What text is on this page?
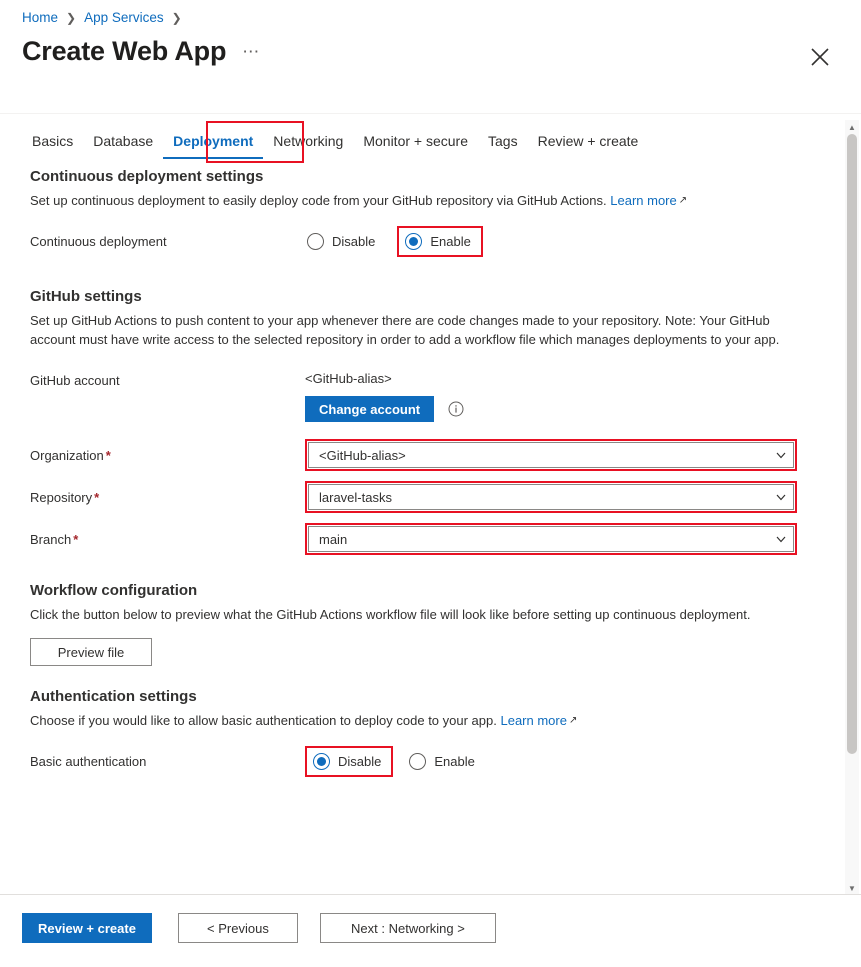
Home ❯ App Services ❯
Create Web App ⋯
Basics	Database	Deployment	Networking	Monitor + secure	Tags	Review + create
Continuous deployment settings

Set up continuous deployment to easily deploy code from your GitHub repository via GitHub Actions. Learn more ↗

Continuous deployment	Disable	Enable
GitHub settings

Set up GitHub Actions to push content to your app whenever there are code changes made to your repository. Note: Your GitHub account must have write access to the selected repository in order to add a workflow file which manages deployments to your app.

GitHub account	<GitHub-alias>
Change account
Organization *	<GitHub-alias>
Repository *	laravel-tasks
Branch *	main
Workflow configuration

Click the button below to preview what the GitHub Actions workflow file will look like before setting up continuous deployment.

Preview file
Authentication settings

Choose if you would like to allow basic authentication to deploy code to your app. Learn more ↗

Basic authentication	Disable	Enable
▲
▼
Review + create	< Previous	Next : Networking >
